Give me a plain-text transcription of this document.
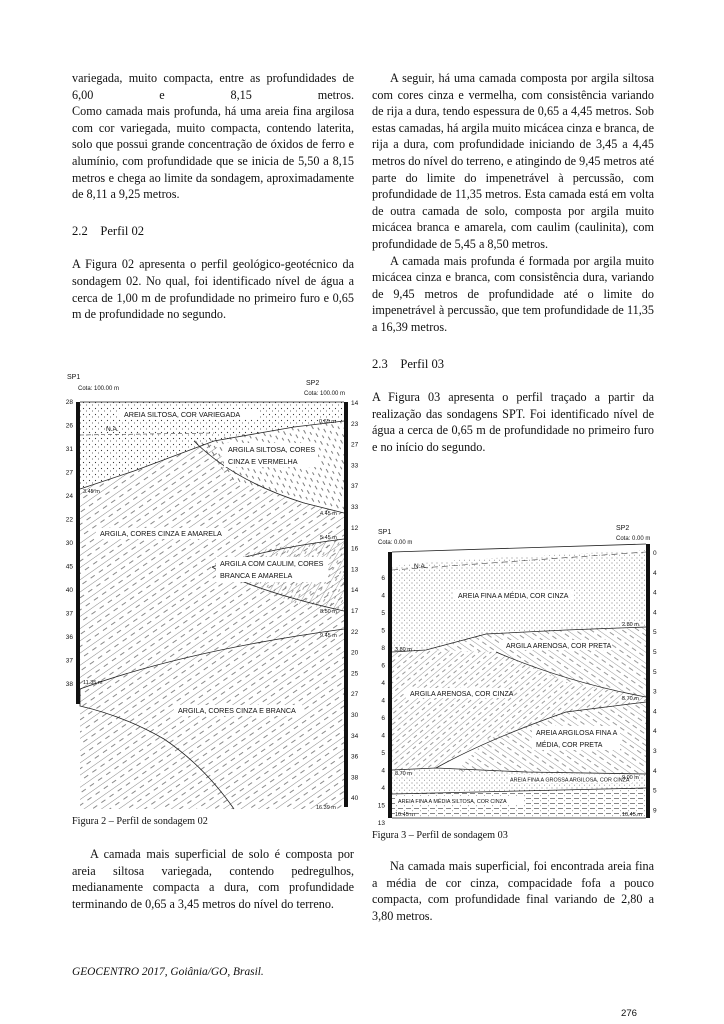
variegada, muito compacta, entre as profundidades de 6,00 e 8,15 metros.

Como camada mais profunda, há uma areia fina argilosa com cor variegada, muito compacta, contendo laterita, solo que possui grande concentração de óxidos de ferro e alumínio, com profundidade que se inicia de 5,50 a 8,15 metros e chega ao limite da sondagem, aproximadamente de 8,11 a 9,25 metros.

2.2 Perfil 02

A Figura 02 apresenta o perfil geológico-geotécnico da sondagem 02. No qual, foi identificado nível de água a cerca de 1,00 m de profundidade no primeiro furo e 0,65 m de profundidade no segundo.

SP1
Cota: 100.00 m
SP2
Cota: 100.00 m
N.A.
28
26
31
27
24
22
30
45
40
37
36
37
38
14
23
27
33
37
33
12
16
13
14
17
22
20
25
27
30
34
36
38
40
AREIA SILTOSA, COR VARIEGADA
ARGILA SILTOSA, CORES
CINZA E VERMELHA
ARGILA, CORES CINZA E AMARELA
ARGILA COM CAULIM, CORES
BRANCA E AMARELA
ARGILA, CORES CINZA E BRANCA
0.65 m
3.45 m
4.45 m
5.45 m
8.50 m
9.45 m
11.35 m
16.39 m
Figura 2 – Perfil de sondagem 02

A camada mais superficial de solo é composta por areia siltosa variegada, contendo pedregulhos, medianamente compacta a dura, com profundidade terminando de 0,65 a 3,45 metros do nível do terreno.

A seguir, há uma camada composta por argila siltosa com cores cinza e vermelha, com consistência variando de rija a dura, tendo espessura de 0,65 a 4,45 metros. Sob estas camadas, há argila muito micácea cinza e branca, de rija a dura, com profundidade iniciando de 3,45 a 4,45 metros do nível do terreno, e atingindo de 9,45 metros até parte do limite do impenetrável à percussão, com profundidade de 11,35 metros. Esta camada está em volta de outra camada de solo, composta por argila muito micácea branca e amarela, com caulim (caulinita), com profundidade de 5,45 a 8,50 metros.

A camada mais profunda é formada por argila muito micácea cinza e branca, com consistência dura, variando de 9,45 metros de profundidade até o limite do impenetrável à percussão, que tem profundidade de 11,35 a 16,39 metros.

2.3 Perfil 03

A Figura 03 apresenta o perfil traçado a partir da realização das sondagens SPT. Foi identificado nível de água a cerca de 0,65 m de profundidade no primeiro furo e no início do segundo.

SP1
Cota: 0.00 m
SP2
Cota: 0.00 m
N.A.
6
4
5
5
8
6
4
4
6
4
5
4
4
15
13
0
4
4
4
5
5
5
3
4
4
3
4
5
9
AREIA FINA A MÉDIA, COR CINZA
ARGILA ARENOSA, COR PRETA
ARGILA ARENOSA, COR CINZA
AREIA ARGILOSA FINA A
MÉDIA, COR PRETA
AREIA FINA A GROSSA ARGILOSA, COR CINZA
AREIA FINA A MÉDIA SILTOSA, COR CINZA
2.80 m
3.80 m
5.70 m
8.70 m
9.00 m
10.45 m	10.45 m
Figura 3 – Perfil de sondagem 03

Na camada mais superficial, foi encontrada areia fina a média de cor cinza, compacidade fofa a pouco compacta, com profundidade final variando de 2,80 a 3,80 metros.

GEOCENTRO 2017, Goiânia/GO, Brasil.
276
